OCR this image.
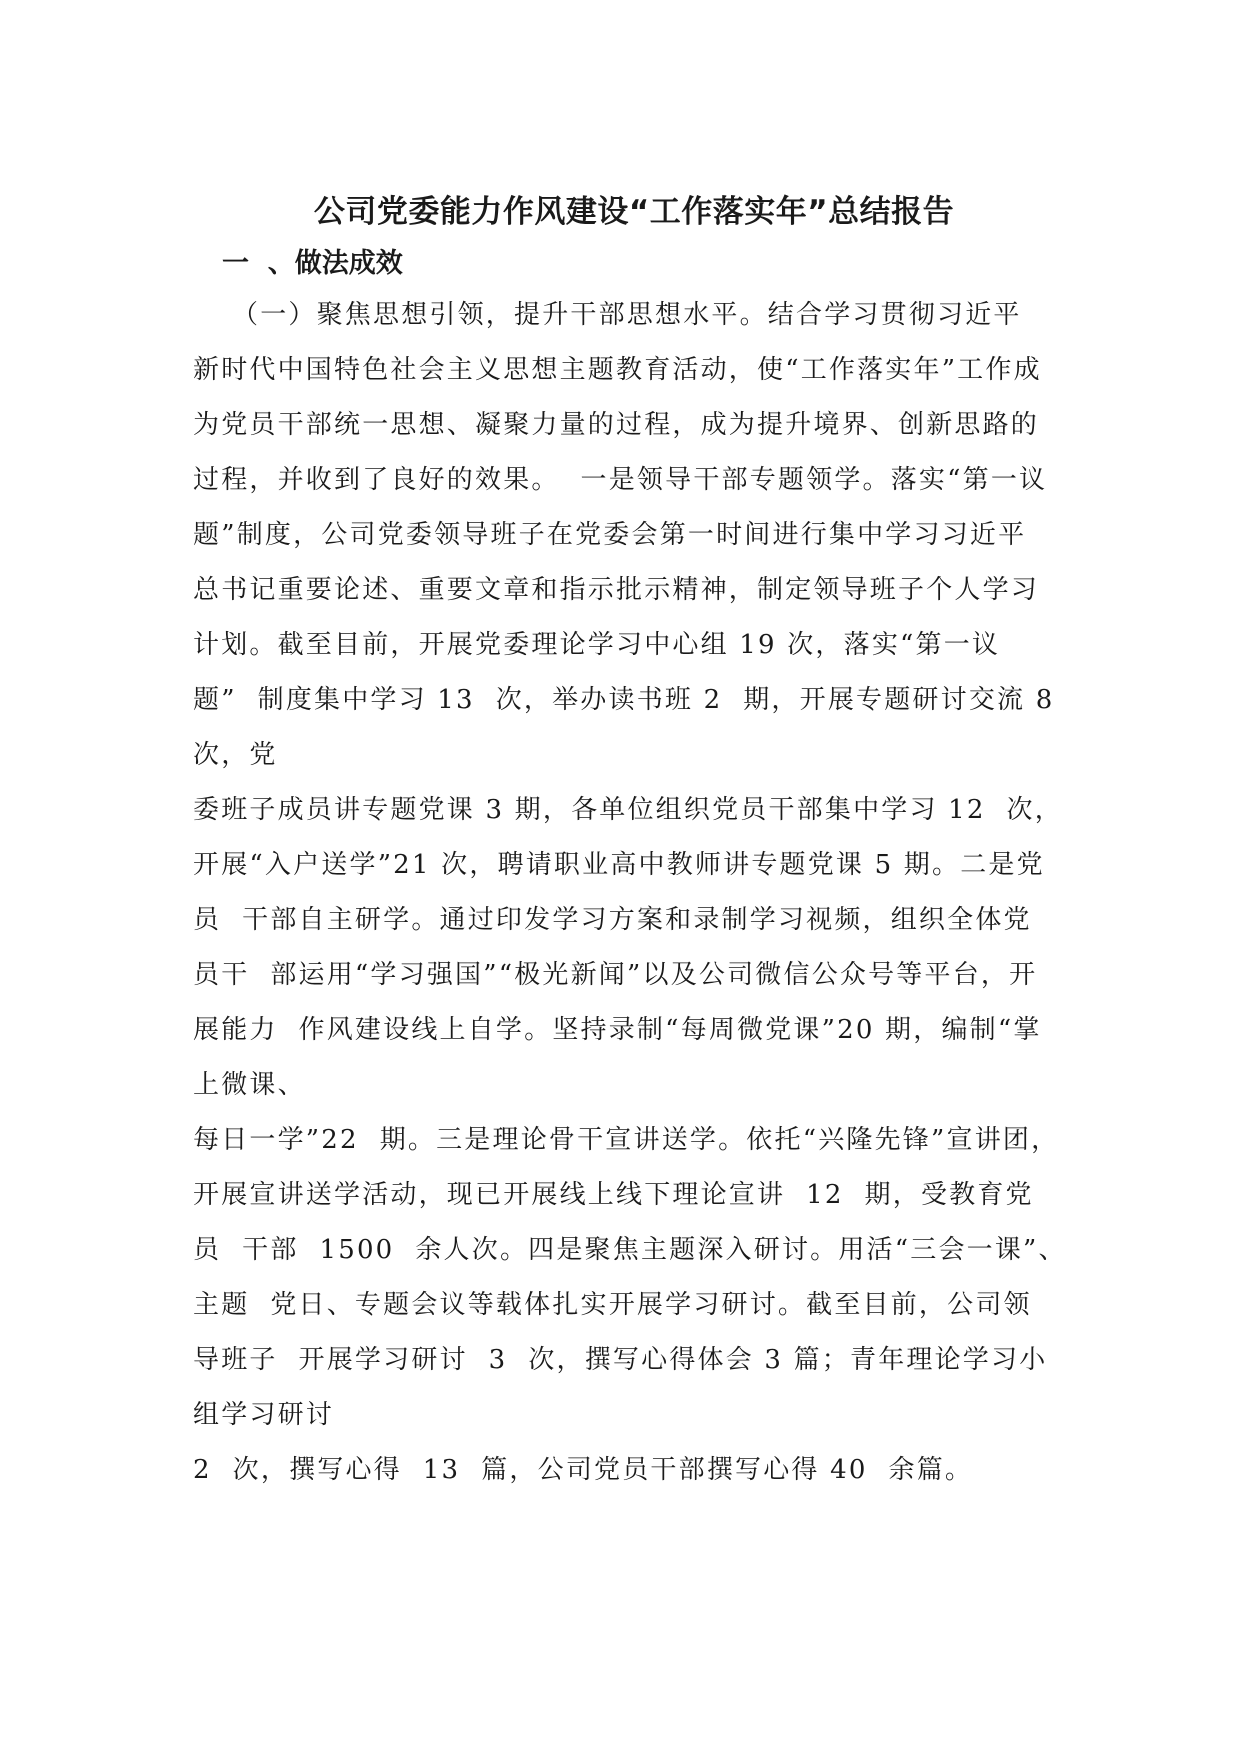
公司党委能力作风建设“工作落实年”总结报告
一  、做法成效

（一）聚焦思想引领，提升干部思想水平。结合学习贯彻习近平

新时代中国特色社会主义思想主题教育活动，使“工作落实年”工作成

为党员干部统一思想、凝聚力量的过程，成为提升境界、创新思路的

过程，并收到了良好的效果。  一是领导干部专题领学。落实“第一议

题”制度，公司党委领导班子在党委会第一时间进行集中学习习近平

总书记重要论述、重要文章和指示批示精神，制定领导班子个人学习

计划。截至目前，开展党委理论学习中心组 19 次，落实“第一议

题”  制度集中学习 13  次，举办读书班 2  期，开展专题研讨交流 8

次，党

委班子成员讲专题党课 3 期，各单位组织党员干部集中学习 12  次，

开展“入户送学”21 次，聘请职业高中教师讲专题党课 5 期。二是党

员  干部自主研学。通过印发学习方案和录制学习视频，组织全体党

员干  部运用“学习强国”“极光新闻”以及公司微信公众号等平台，开

展能力  作风建设线上自学。坚持录制“每周微党课”20 期，编制“掌

上微课、

每日一学”22  期。三是理论骨干宣讲送学。依托“兴隆先锋”宣讲团，

开展宣讲送学活动，现已开展线上线下理论宣讲  12  期，受教育党

员  干部  1500  余人次。四是聚焦主题深入研讨。用活“三会一课”、

主题  党日、专题会议等载体扎实开展学习研讨。截至目前，公司领

导班子  开展学习研讨  3  次，撰写心得体会 3 篇；青年理论学习小

组学习研讨

2  次，撰写心得  13  篇，公司党员干部撰写心得 40  余篇。
